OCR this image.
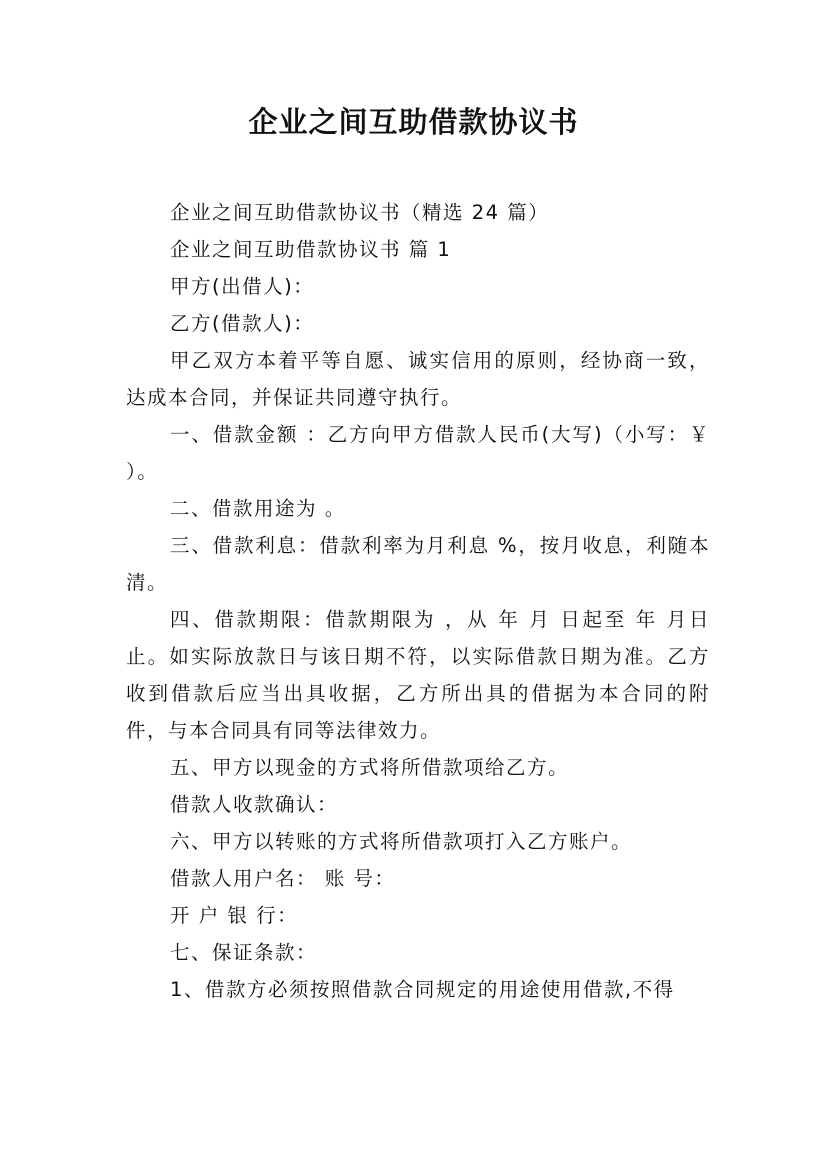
企业之间互助借款协议书

企业之间互助借款协议书（精选 24 篇）

企业之间互助借款协议书 篇 1

甲方(出借人)：

乙方(借款人)：

甲乙双方本着平等自愿、诚实信用的原则，经协商一致，达成本合同，并保证共同遵守执行。

一、借款金额 ：乙方向甲方借款人民币(大写)（小写：￥ ）。

二、借款用途为 。

三、借款利息：借款利率为月利息 %，按月收息，利随本清。

四、借款期限：借款期限为 ，从 年 月 日起至 年 月日止。如实际放款日与该日期不符，以实际借款日期为准。乙方收到借款后应当出具收据，乙方所出具的借据为本合同的附件，与本合同具有同等法律效力。

五、甲方以现金的方式将所借款项给乙方。

借款人收款确认：

六、甲方以转账的方式将所借款项打入乙方账户。

借款人用户名： 账 号：

开 户 银 行：

七、保证条款：

1、借款方必须按照借款合同规定的用途使用借款,不得
